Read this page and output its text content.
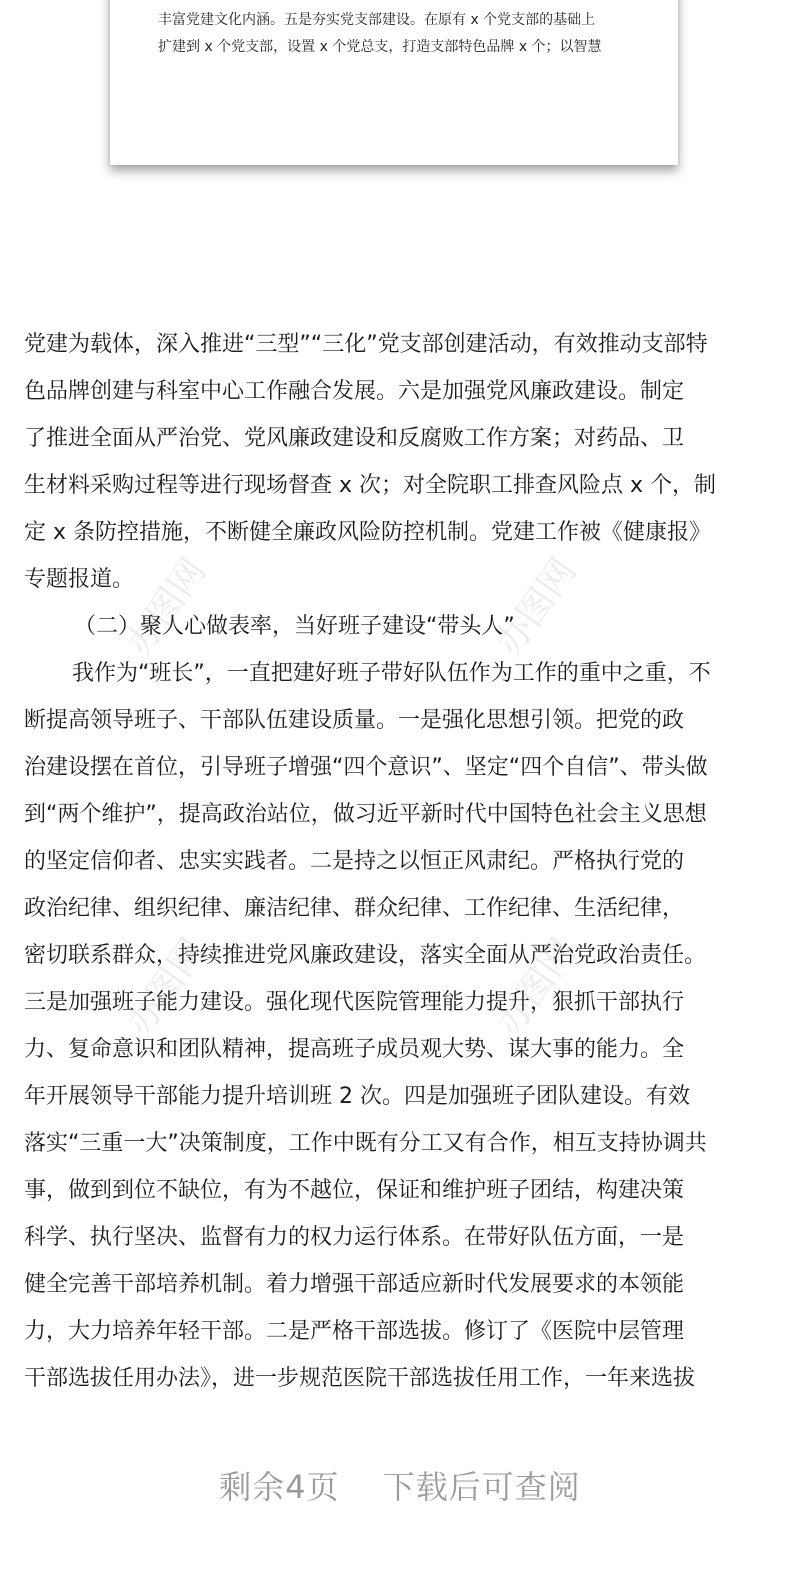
丰富党建文化内涵。五是夯实党支部建设。在原有 x 个党支部的基础上
扩建到 x 个党支部，设置 x 个党总支，打造支部特色品牌 x 个；以智慧
办图网	办图网
办图网	办图网
党建为载体，深入推进“三型”“三化”党支部创建活动，有效推动支部特
色品牌创建与科室中心工作融合发展。六是加强党风廉政建设。制定
了推进全面从严治党、党风廉政建设和反腐败工作方案；对药品、卫
生材料采购过程等进行现场督查 x 次；对全院职工排查风险点 x 个，制
定 x 条防控措施，不断健全廉政风险防控机制。党建工作被《健康报》
专题报道。
（二）聚人心做表率，当好班子建设“带头人”
我作为“班长”，一直把建好班子带好队伍作为工作的重中之重，不
断提高领导班子、干部队伍建设质量。一是强化思想引领。把党的政
治建设摆在首位，引导班子增强“四个意识”、坚定“四个自信”、带头做
到“两个维护”，提高政治站位，做习近平新时代中国特色社会主义思想
的坚定信仰者、忠实实践者。二是持之以恒正风肃纪。严格执行党的
政治纪律、组织纪律、廉洁纪律、群众纪律、工作纪律、生活纪律，
密切联系群众，持续推进党风廉政建设，落实全面从严治党政治责任。
三是加强班子能力建设。强化现代医院管理能力提升，狠抓干部执行
力、复命意识和团队精神，提高班子成员观大势、谋大事的能力。全
年开展领导干部能力提升培训班 2 次。四是加强班子团队建设。有效
落实“三重一大”决策制度，工作中既有分工又有合作，相互支持协调共
事，做到到位不缺位，有为不越位，保证和维护班子团结，构建决策
科学、执行坚决、监督有力的权力运行体系。在带好队伍方面，一是
健全完善干部培养机制。着力增强干部适应新时代发展要求的本领能
力，大力培养年轻干部。二是严格干部选拔。修订了《医院中层管理
干部选拔任用办法》，进一步规范医院干部选拔任用工作，一年来选拔
剩余4页 下载后可查阅
